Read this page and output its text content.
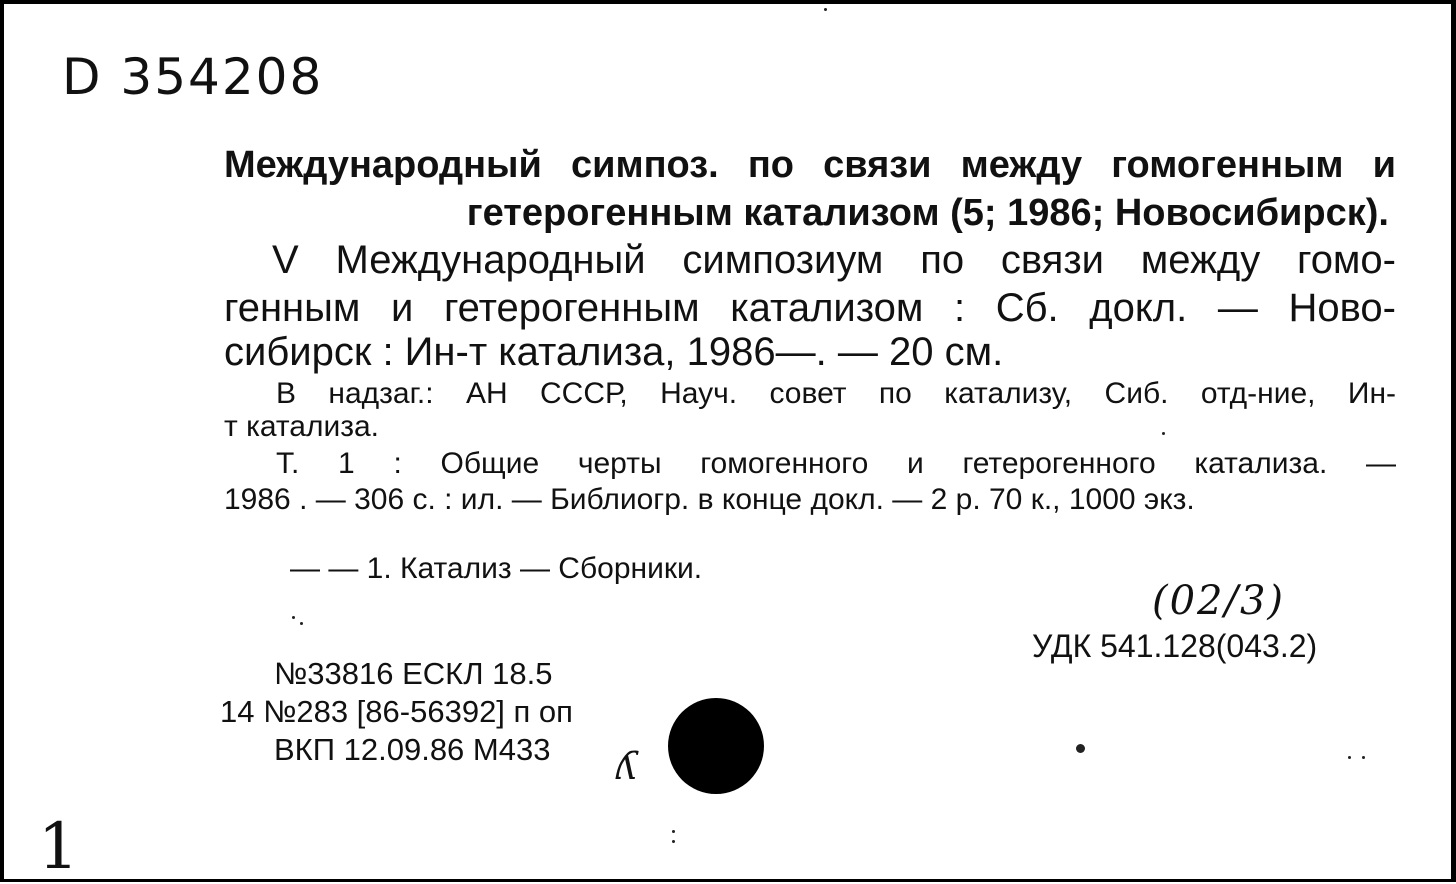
D 354208
Международный симпоз. по связи между гомогенным и
гетерогенным катализом (5; 1986; Новосибирск).
V Международный симпозиум по связи между гомо-
генным и гетерогенным катализом : Сб. докл. — Ново-
сибирск : Ин-т катализа, 1986—. — 20 см.
В надзаг.: АН СССР, Науч. совет по катализу, Сиб. отд-ние, Ин-
т катализа.
Т. 1 : Общие черты гомогенного и гетерогенного катализа. —
1986 . — 306 с. : ил. — Библиогр. в конце докл. — 2 р. 70 к., 1000 экз.
— — 1. Катализ — Сборники.
(02/3)
УДК 541.128(043.2)
№33816 ЕСКЛ 18.5
14 №283 [86-56392] п оп
ВКП 12.09.86 М433 ʎ
1
